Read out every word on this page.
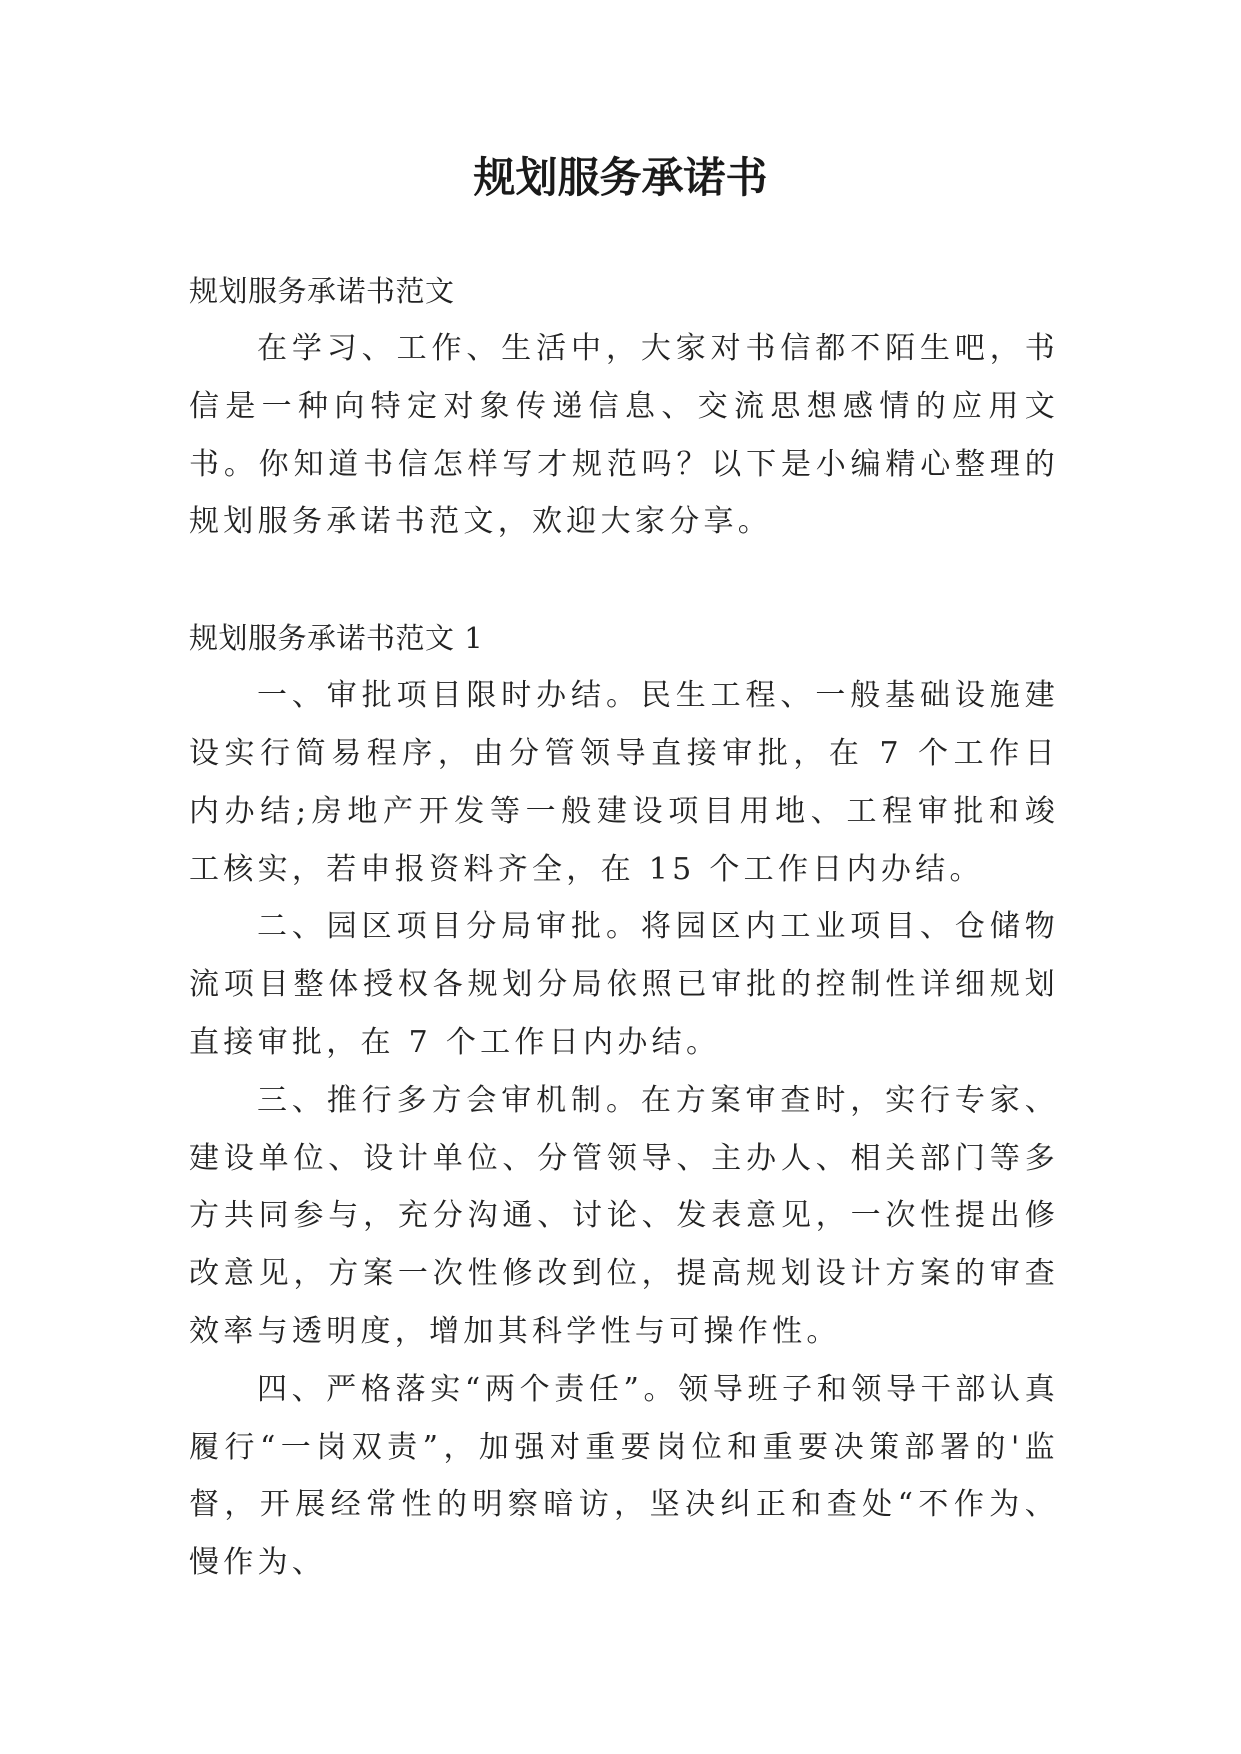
规划服务承诺书

规划服务承诺书范文

在学习、工作、生活中，大家对书信都不陌生吧，书信是一种向特定对象传递信息、交流思想感情的应用文书。你知道书信怎样写才规范吗？以下是小编精心整理的规划服务承诺书范文，欢迎大家分享。

规划服务承诺书范文 1

一、审批项目限时办结。民生工程、一般基础设施建设实行简易程序，由分管领导直接审批，在 7 个工作日内办结;房地产开发等一般建设项目用地、工程审批和竣工核实，若申报资料齐全，在 15 个工作日内办结。

二、园区项目分局审批。将园区内工业项目、仓储物流项目整体授权各规划分局依照已审批的控制性详细规划直接审批，在 7 个工作日内办结。

三、推行多方会审机制。在方案审查时，实行专家、建设单位、设计单位、分管领导、主办人、相关部门等多方共同参与，充分沟通、讨论、发表意见，一次性提出修改意见，方案一次性修改到位，提高规划设计方案的审查效率与透明度，增加其科学性与可操作性。

四、严格落实“两个责任”。领导班子和领导干部认真履行“一岗双责”，加强对重要岗位和重要决策部署的'监督，开展经常性的明察暗访，坚决纠正和查处“不作为、慢作为、
